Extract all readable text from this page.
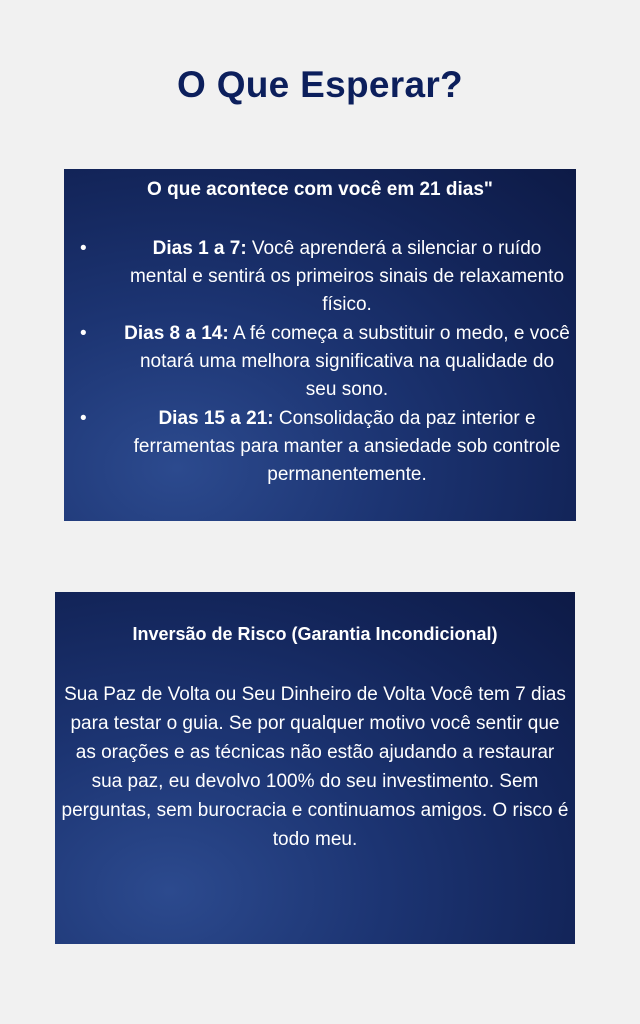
O Que Esperar?

O que acontece com você em 21 dias"

•	Dias 1 a 7: Você aprenderá a silenciar o ruído mental e sentirá os primeiros sinais de relaxamento físico.
• Dias 8 a 14: A fé começa a substituir o medo, e você notará uma melhora significativa na qualidade do seu sono.
•	Dias 15 a 21: Consolidação da paz interior e ferramentas para manter a ansiedade sob controle permanentemente.

Inversão de Risco (Garantia Incondicional)

Sua Paz de Volta ou Seu Dinheiro de Volta Você tem 7 dias para testar o guia. Se por qualquer motivo você sentir que as orações e as técnicas não estão ajudando a restaurar sua paz, eu devolvo 100% do seu investimento. Sem perguntas, sem burocracia e continuamos amigos. O risco é todo meu.
